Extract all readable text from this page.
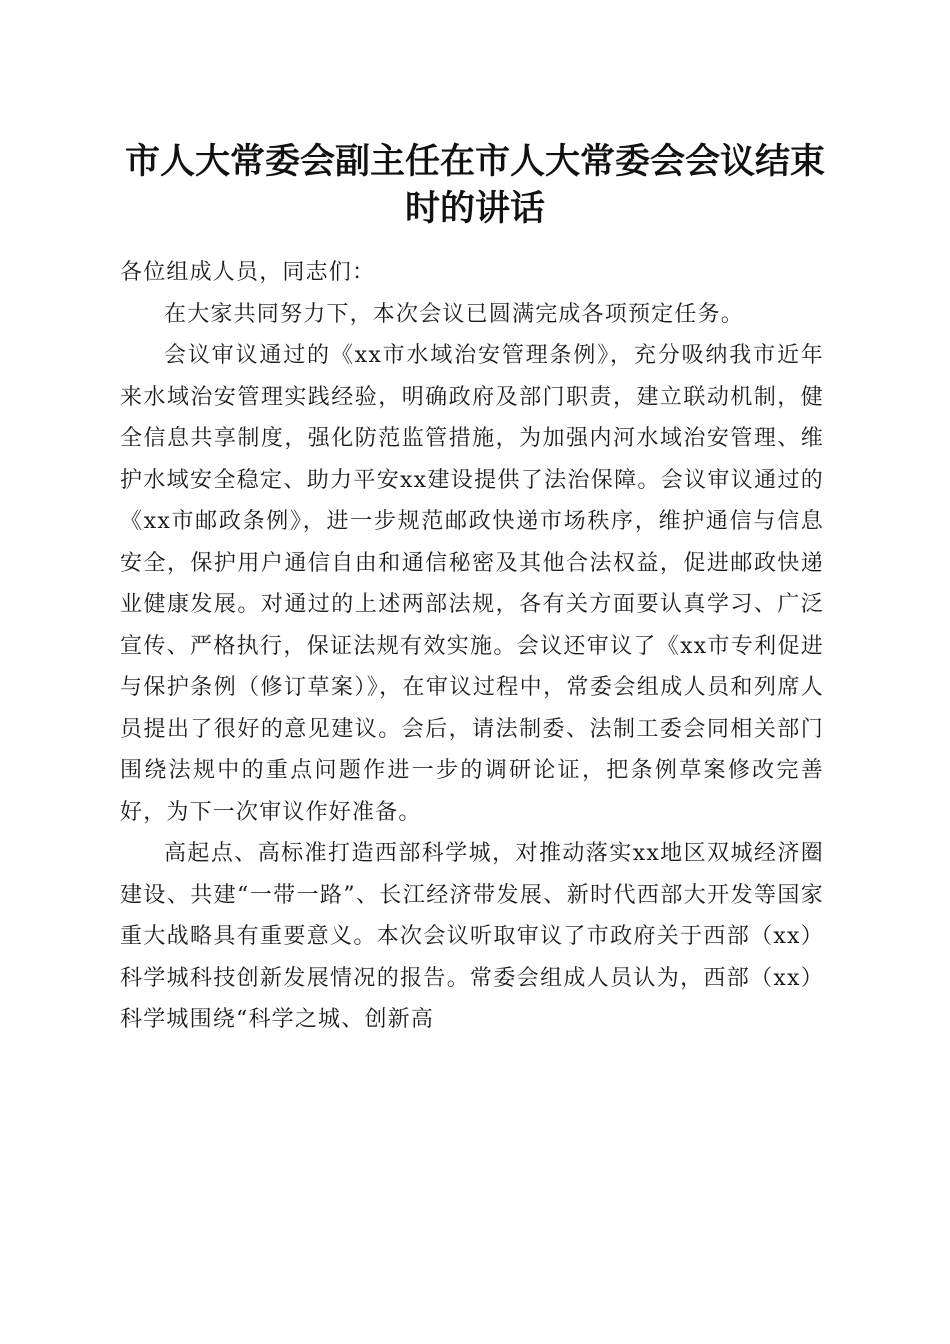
市人大常委会副主任在市人大常委会会议结束时的讲话

各位组成人员，同志们：

在大家共同努力下，本次会议已圆满完成各项预定任务。

会议审议通过的《xx市水域治安管理条例》，充分吸纳我市近年来水域治安管理实践经验，明确政府及部门职责，建立联动机制，健全信息共享制度，强化防范监管措施，为加强内河水域治安管理、维护水域安全稳定、助力平安xx建设提供了法治保障。会议审议通过的《xx市邮政条例》，进一步规范邮政快递市场秩序，维护通信与信息安全，保护用户通信自由和通信秘密及其他合法权益，促进邮政快递业健康发展。对通过的上述两部法规，各有关方面要认真学习、广泛宣传、严格执行，保证法规有效实施。会议还审议了《xx市专利促进与保护条例（修订草案）》，在审议过程中，常委会组成人员和列席人员提出了很好的意见建议。会后，请法制委、法制工委会同相关部门围绕法规中的重点问题作进一步的调研论证，把条例草案修改完善好，为下一次审议作好准备。

高起点、高标准打造西部科学城，对推动落实xx地区双城经济圈建设、共建“一带一路”、长江经济带发展、新时代西部大开发等国家重大战略具有重要意义。本次会议听取审议了市政府关于西部（xx）科学城科技创新发展情况的报告。常委会组成人员认为，西部（xx）科学城围绕“科学之城、创新高
